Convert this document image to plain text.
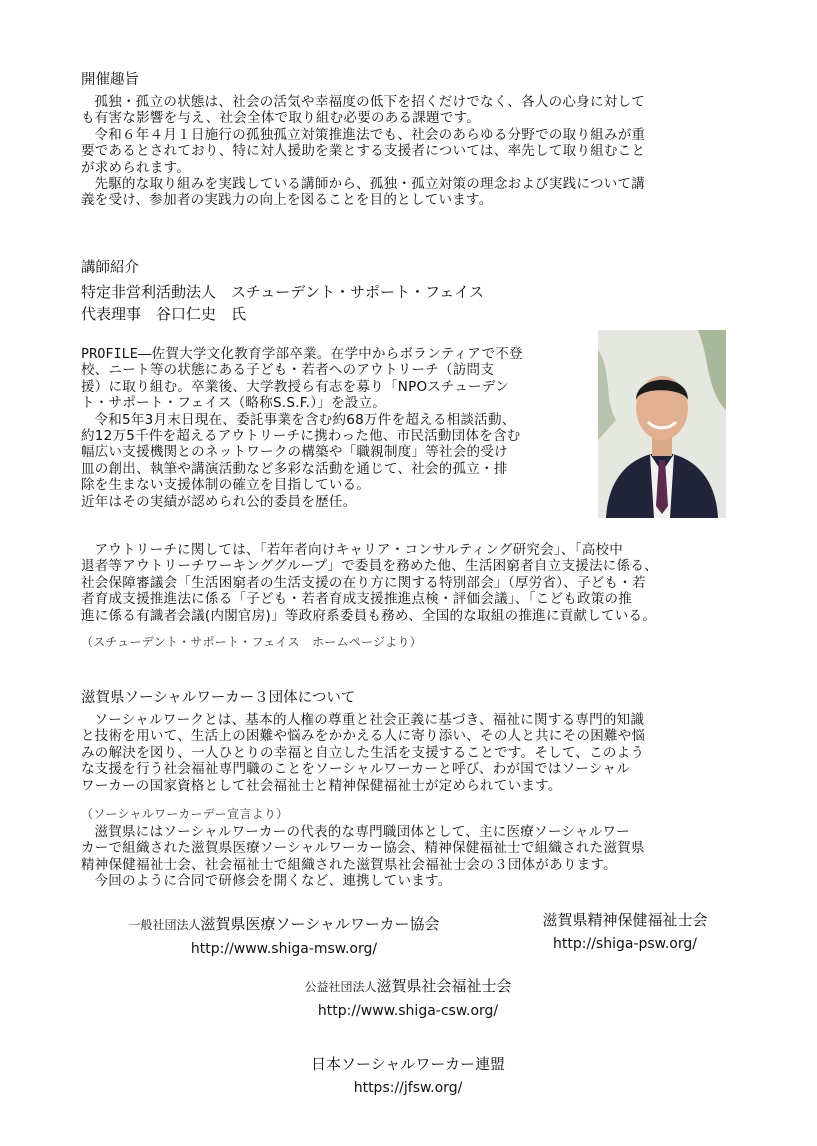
開催趣旨
孤独・孤立の状態は、社会の活気や幸福度の低下を招くだけでなく、各人の心身に対して
も有害な影響を与え、社会全体で取り組む必要のある課題です。
令和６年４月１日施行の孤独孤立対策推進法でも、社会のあらゆる分野での取り組みが重
要であるとされており、特に対人援助を業とする支援者については、率先して取り組むこと
が求められます。
先駆的な取り組みを実践している講師から、孤独・孤立対策の理念および実践について講
義を受け、参加者の実践力の向上を図ることを目的としています。
講師紹介
特定非営利活動法人　スチューデント・サポート・フェイス
代表理事　谷口仁史　氏
PROFILE―佐賀大学文化教育学部卒業。在学中からボランティアで不登
校、ニート等の状態にある子ども・若者へのアウトリーチ（訪問支
援）に取り組む。卒業後、大学教授ら有志を募り「NPOスチューデン
ト・サポート・フェイス（略称S.S.F.）」を設立。
令和5年3月末日現在、委託事業を含む約68万件を超える相談活動、
約12万5千件を超えるアウトリーチに携わった他、市民活動団体を含む
幅広い支援機関とのネットワークの構築や「職親制度」等社会的受け
皿の創出、執筆や講演活動など多彩な活動を通じて、社会的孤立・排
除を生まない支援体制の確立を目指している。
近年はその実績が認められ公的委員を歴任。
アウトリーチに関しては、「若年者向けキャリア・コンサルティング研究会」、「高校中
退者等アウトリーチワーキンググループ」で委員を務めた他、生活困窮者自立支援法に係る、
社会保障審議会「生活困窮者の生活支援の在り方に関する特別部会」（厚労省）、子ども・若
者育成支援推進法に係る「子ども・若者育成支援推進点検・評価会議」、「こども政策の推
進に係る有識者会議(内閣官房)」等政府系委員も務め、全国的な取組の推進に貢献している。
（スチューデント・サポート・フェイス　ホームページより）
滋賀県ソーシャルワーカー３団体について
ソーシャルワークとは、基本的人権の尊重と社会正義に基づき、福祉に関する専門的知識
と技術を用いて、生活上の困難や悩みをかかえる人に寄り添い、その人と共にその困難や悩
みの解決を図り、一人ひとりの幸福と自立した生活を支援することです。そして、このよう
な支援を行う社会福祉専門職のことをソーシャルワーカーと呼び、わが国ではソーシャル
ワーカーの国家資格として社会福祉士と精神保健福祉士が定められています。
（ソーシャルワーカーデー宣言より）
滋賀県にはソーシャルワーカーの代表的な専門職団体として、主に医療ソーシャルワー
カーで組織された滋賀県医療ソーシャルワーカー協会、精神保健福祉士で組織された滋賀県
精神保健福祉士会、社会福祉士で組織された滋賀県社会福祉士会の３団体があります。
今回のように合同で研修会を開くなど、連携しています。
一般社団法人滋賀県医療ソーシャルワーカー協会
http://www.shiga-msw.org/
滋賀県精神保健福祉士会
http://shiga-psw.org/
公益社団法人滋賀県社会福祉士会
http://www.shiga-csw.org/
日本ソーシャルワーカー連盟
https://jfsw.org/
